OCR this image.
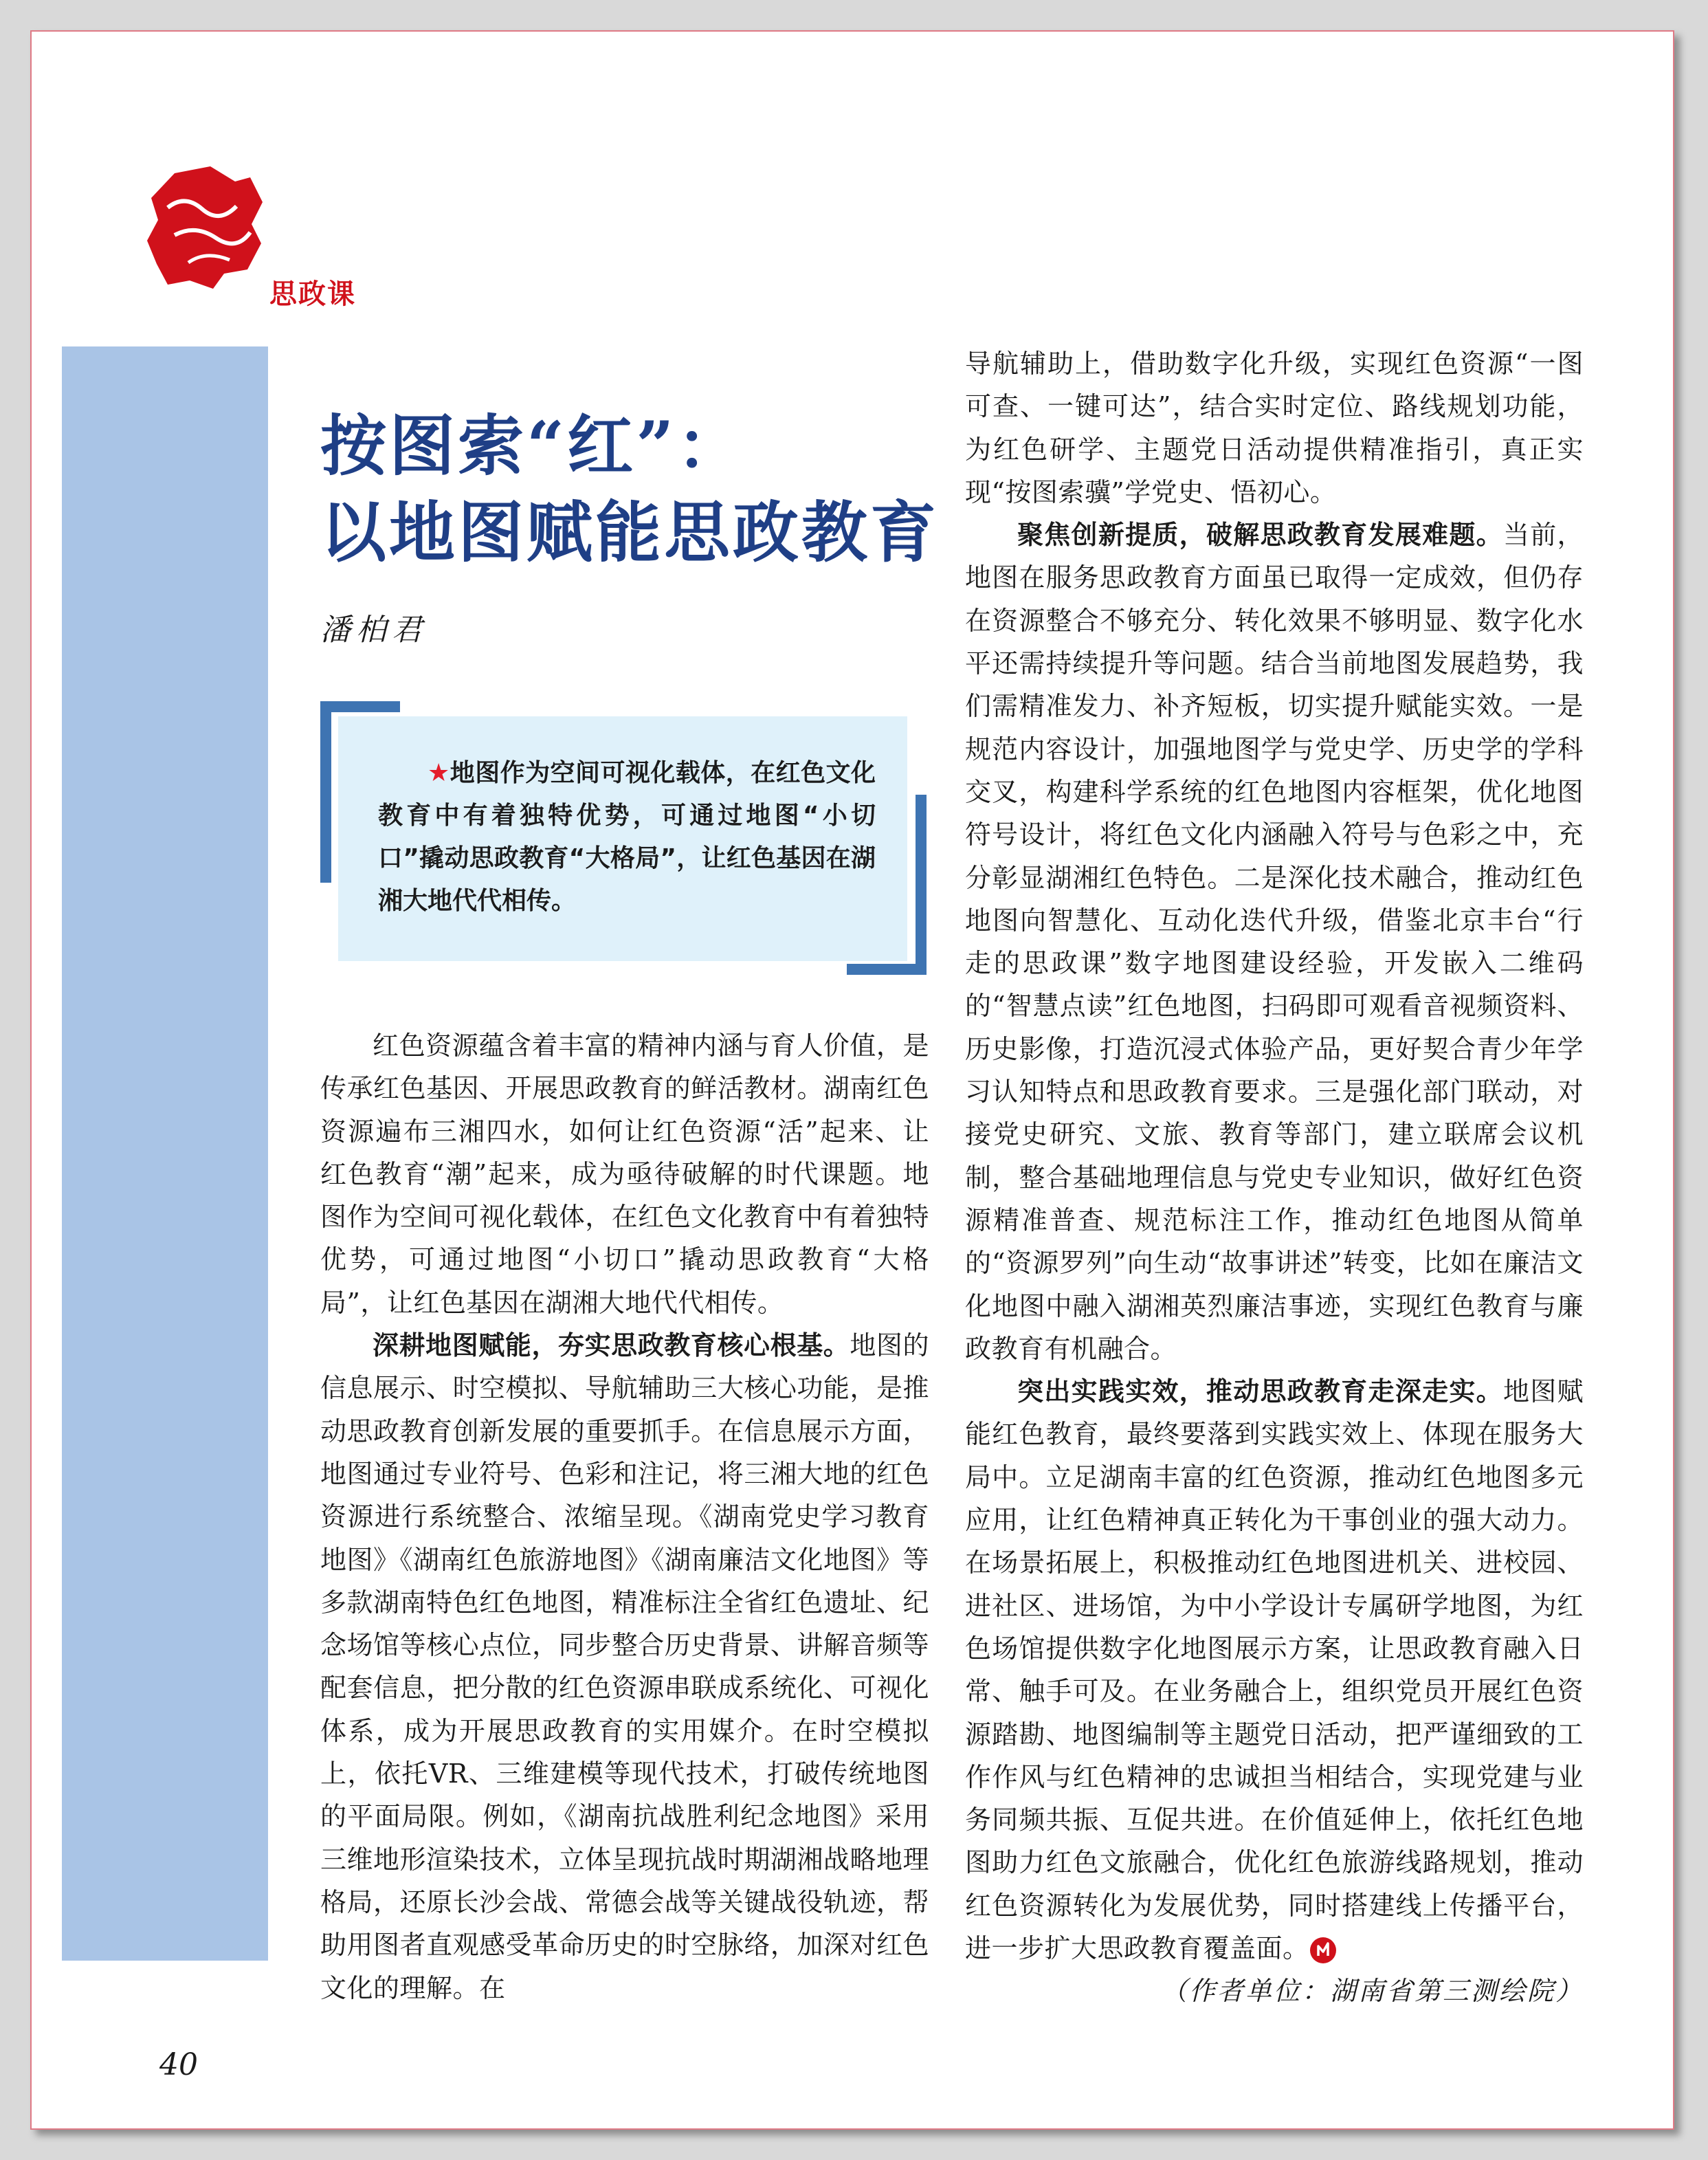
思政课
按图索“红”：
以地图赋能思政教育
潘柏君
★地图作为空间可视化载体，在红色文化教育中有着独特优势，可通过地图“小切口”撬动思政教育“大格局”，让红色基因在湖湘大地代代相传。

红色资源蕴含着丰富的精神内涵与育人价值，是传承红色基因、开展思政教育的鲜活教材。湖南红色资源遍布三湘四水，如何让红色资源“活”起来、让红色教育“潮”起来，成为亟待破解的时代课题。地图作为空间可视化载体，在红色文化教育中有着独特优势，可通过地图“小切口”撬动思政教育“大格局”，让红色基因在湖湘大地代代相传。

深耕地图赋能，夯实思政教育核心根基。地图的信息展示、时空模拟、导航辅助三大核心功能，是推动思政教育创新发展的重要抓手。在信息展示方面，地图通过专业符号、色彩和注记，将三湘大地的红色资源进行系统整合、浓缩呈现。《湖南党史学习教育地图》《湖南红色旅游地图》《湖南廉洁文化地图》等多款湖南特色红色地图，精准标注全省红色遗址、纪念场馆等核心点位，同步整合历史背景、讲解音频等配套信息，把分散的红色资源串联成系统化、可视化体系，成为开展思政教育的实用媒介。在时空模拟上，依托VR、三维建模等现代技术，打破传统地图的平面局限。例如，《湖南抗战胜利纪念地图》采用三维地形渲染技术，立体呈现抗战时期湖湘战略地理格局，还原长沙会战、常德会战等关键战役轨迹，帮助用图者直观感受革命历史的时空脉络，加深对红色文化的理解。在

导航辅助上，借助数字化升级，实现红色资源“一图可查、一键可达”，结合实时定位、路线规划功能，为红色研学、主题党日活动提供精准指引，真正实现“按图索骥”学党史、悟初心。

聚焦创新提质，破解思政教育发展难题。当前，地图在服务思政教育方面虽已取得一定成效，但仍存在资源整合不够充分、转化效果不够明显、数字化水平还需持续提升等问题。结合当前地图发展趋势，我们需精准发力、补齐短板，切实提升赋能实效。一是规范内容设计，加强地图学与党史学、历史学的学科交叉，构建科学系统的红色地图内容框架，优化地图符号设计，将红色文化内涵融入符号与色彩之中，充分彰显湖湘红色特色。二是深化技术融合，推动红色地图向智慧化、互动化迭代升级，借鉴北京丰台“行走的思政课”数字地图建设经验，开发嵌入二维码的“智慧点读”红色地图，扫码即可观看音视频资料、历史影像，打造沉浸式体验产品，更好契合青少年学习认知特点和思政教育要求。三是强化部门联动，对接党史研究、文旅、教育等部门，建立联席会议机制，整合基础地理信息与党史专业知识，做好红色资源精准普查、规范标注工作，推动红色地图从简单的“资源罗列”向生动“故事讲述”转变，比如在廉洁文化地图中融入湖湘英烈廉洁事迹，实现红色教育与廉政教育有机融合。

突出实践实效，推动思政教育走深走实。地图赋能红色教育，最终要落到实践实效上、体现在服务大局中。立足湖南丰富的红色资源，推动红色地图多元应用，让红色精神真正转化为干事创业的强大动力。在场景拓展上，积极推动红色地图进机关、进校园、进社区、进场馆，为中小学设计专属研学地图，为红色场馆提供数字化地图展示方案，让思政教育融入日常、触手可及。在业务融合上，组织党员开展红色资源踏勘、地图编制等主题党日活动，把严谨细致的工作作风与红色精神的忠诚担当相结合，实现党建与业务同频共振、互促共进。在价值延伸上，依托红色地图助力红色文旅融合，优化红色旅游线路规划，推动红色资源转化为发展优势，同时搭建线上传播平台，进一步扩大思政教育覆盖面。

（作者单位：湖南省第三测绘院）

40
